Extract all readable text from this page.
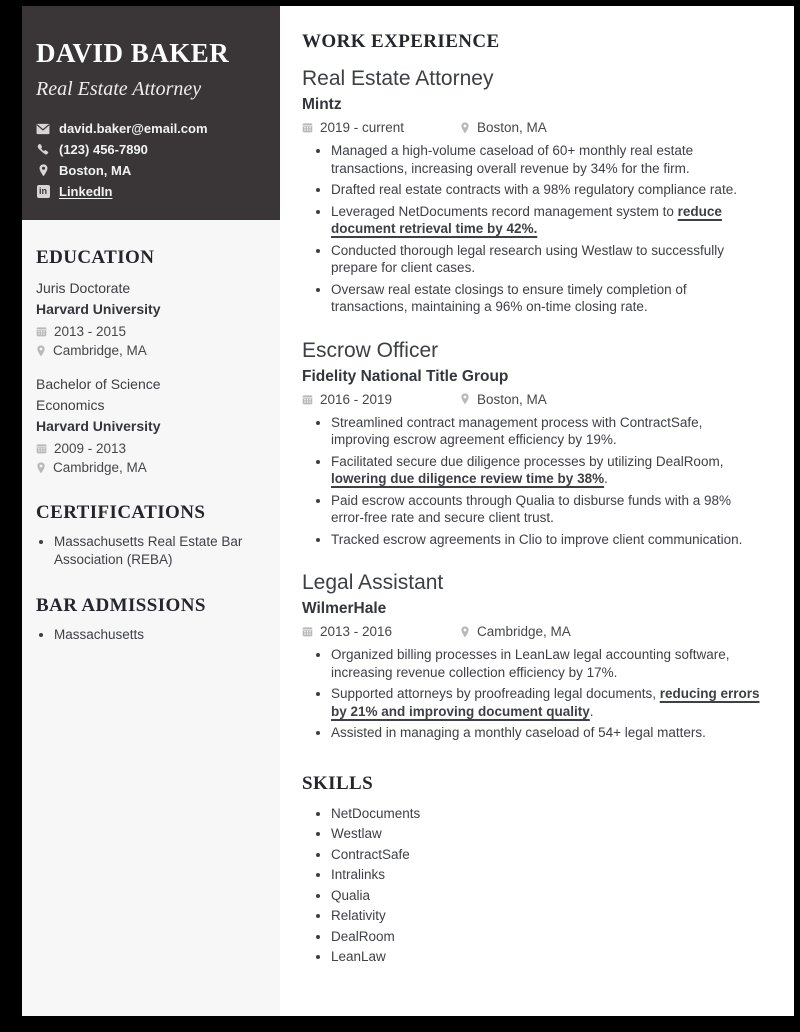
DAVID BAKER
Real Estate Attorney
david.baker@email.com
(123) 456-7890
Boston, MA
in
LinkedIn
EDUCATION
Juris Doctorate
Harvard University
2013 - 2015
Cambridge, MA
Bachelor of Science
Economics
Harvard University
2009 - 2013
Cambridge, MA
CERTIFICATIONS
• Massachusetts Real Estate Bar Association (REBA)
BAR ADMISSIONS
• Massachusetts
WORK EXPERIENCE
Real Estate Attorney
Mintz
2019 - current	Boston, MA
• Managed a high-volume caseload of 60+ monthly real estate transactions, increasing overall revenue by 34% for the firm.
• Drafted real estate contracts with a 98% regulatory compliance rate.
• Leveraged NetDocuments record management system to reduce document retrieval time by 42%.
• Conducted thorough legal research using Westlaw to successfully prepare for client cases.
• Oversaw real estate closings to ensure timely completion of transactions, maintaining a 96% on-time closing rate.
Escrow Officer
Fidelity National Title Group
2016 - 2019	Boston, MA
• Streamlined contract management process with ContractSafe, improving escrow agreement efficiency by 19%.
• Facilitated secure due diligence processes by utilizing DealRoom, lowering due diligence review time by 38%.
• Paid escrow accounts through Qualia to disburse funds with a 98% error-free rate and secure client trust.
• Tracked escrow agreements in Clio to improve client communication.
Legal Assistant
WilmerHale
2013 - 2016	Cambridge, MA
• Organized billing processes in LeanLaw legal accounting software, increasing revenue collection efficiency by 17%.
• Supported attorneys by proofreading legal documents, reducing errors by 21% and improving document quality.
• Assisted in managing a monthly caseload of 54+ legal matters.
SKILLS
• NetDocuments
• Westlaw
• ContractSafe
• Intralinks
• Qualia
• Relativity
• DealRoom
• LeanLaw
